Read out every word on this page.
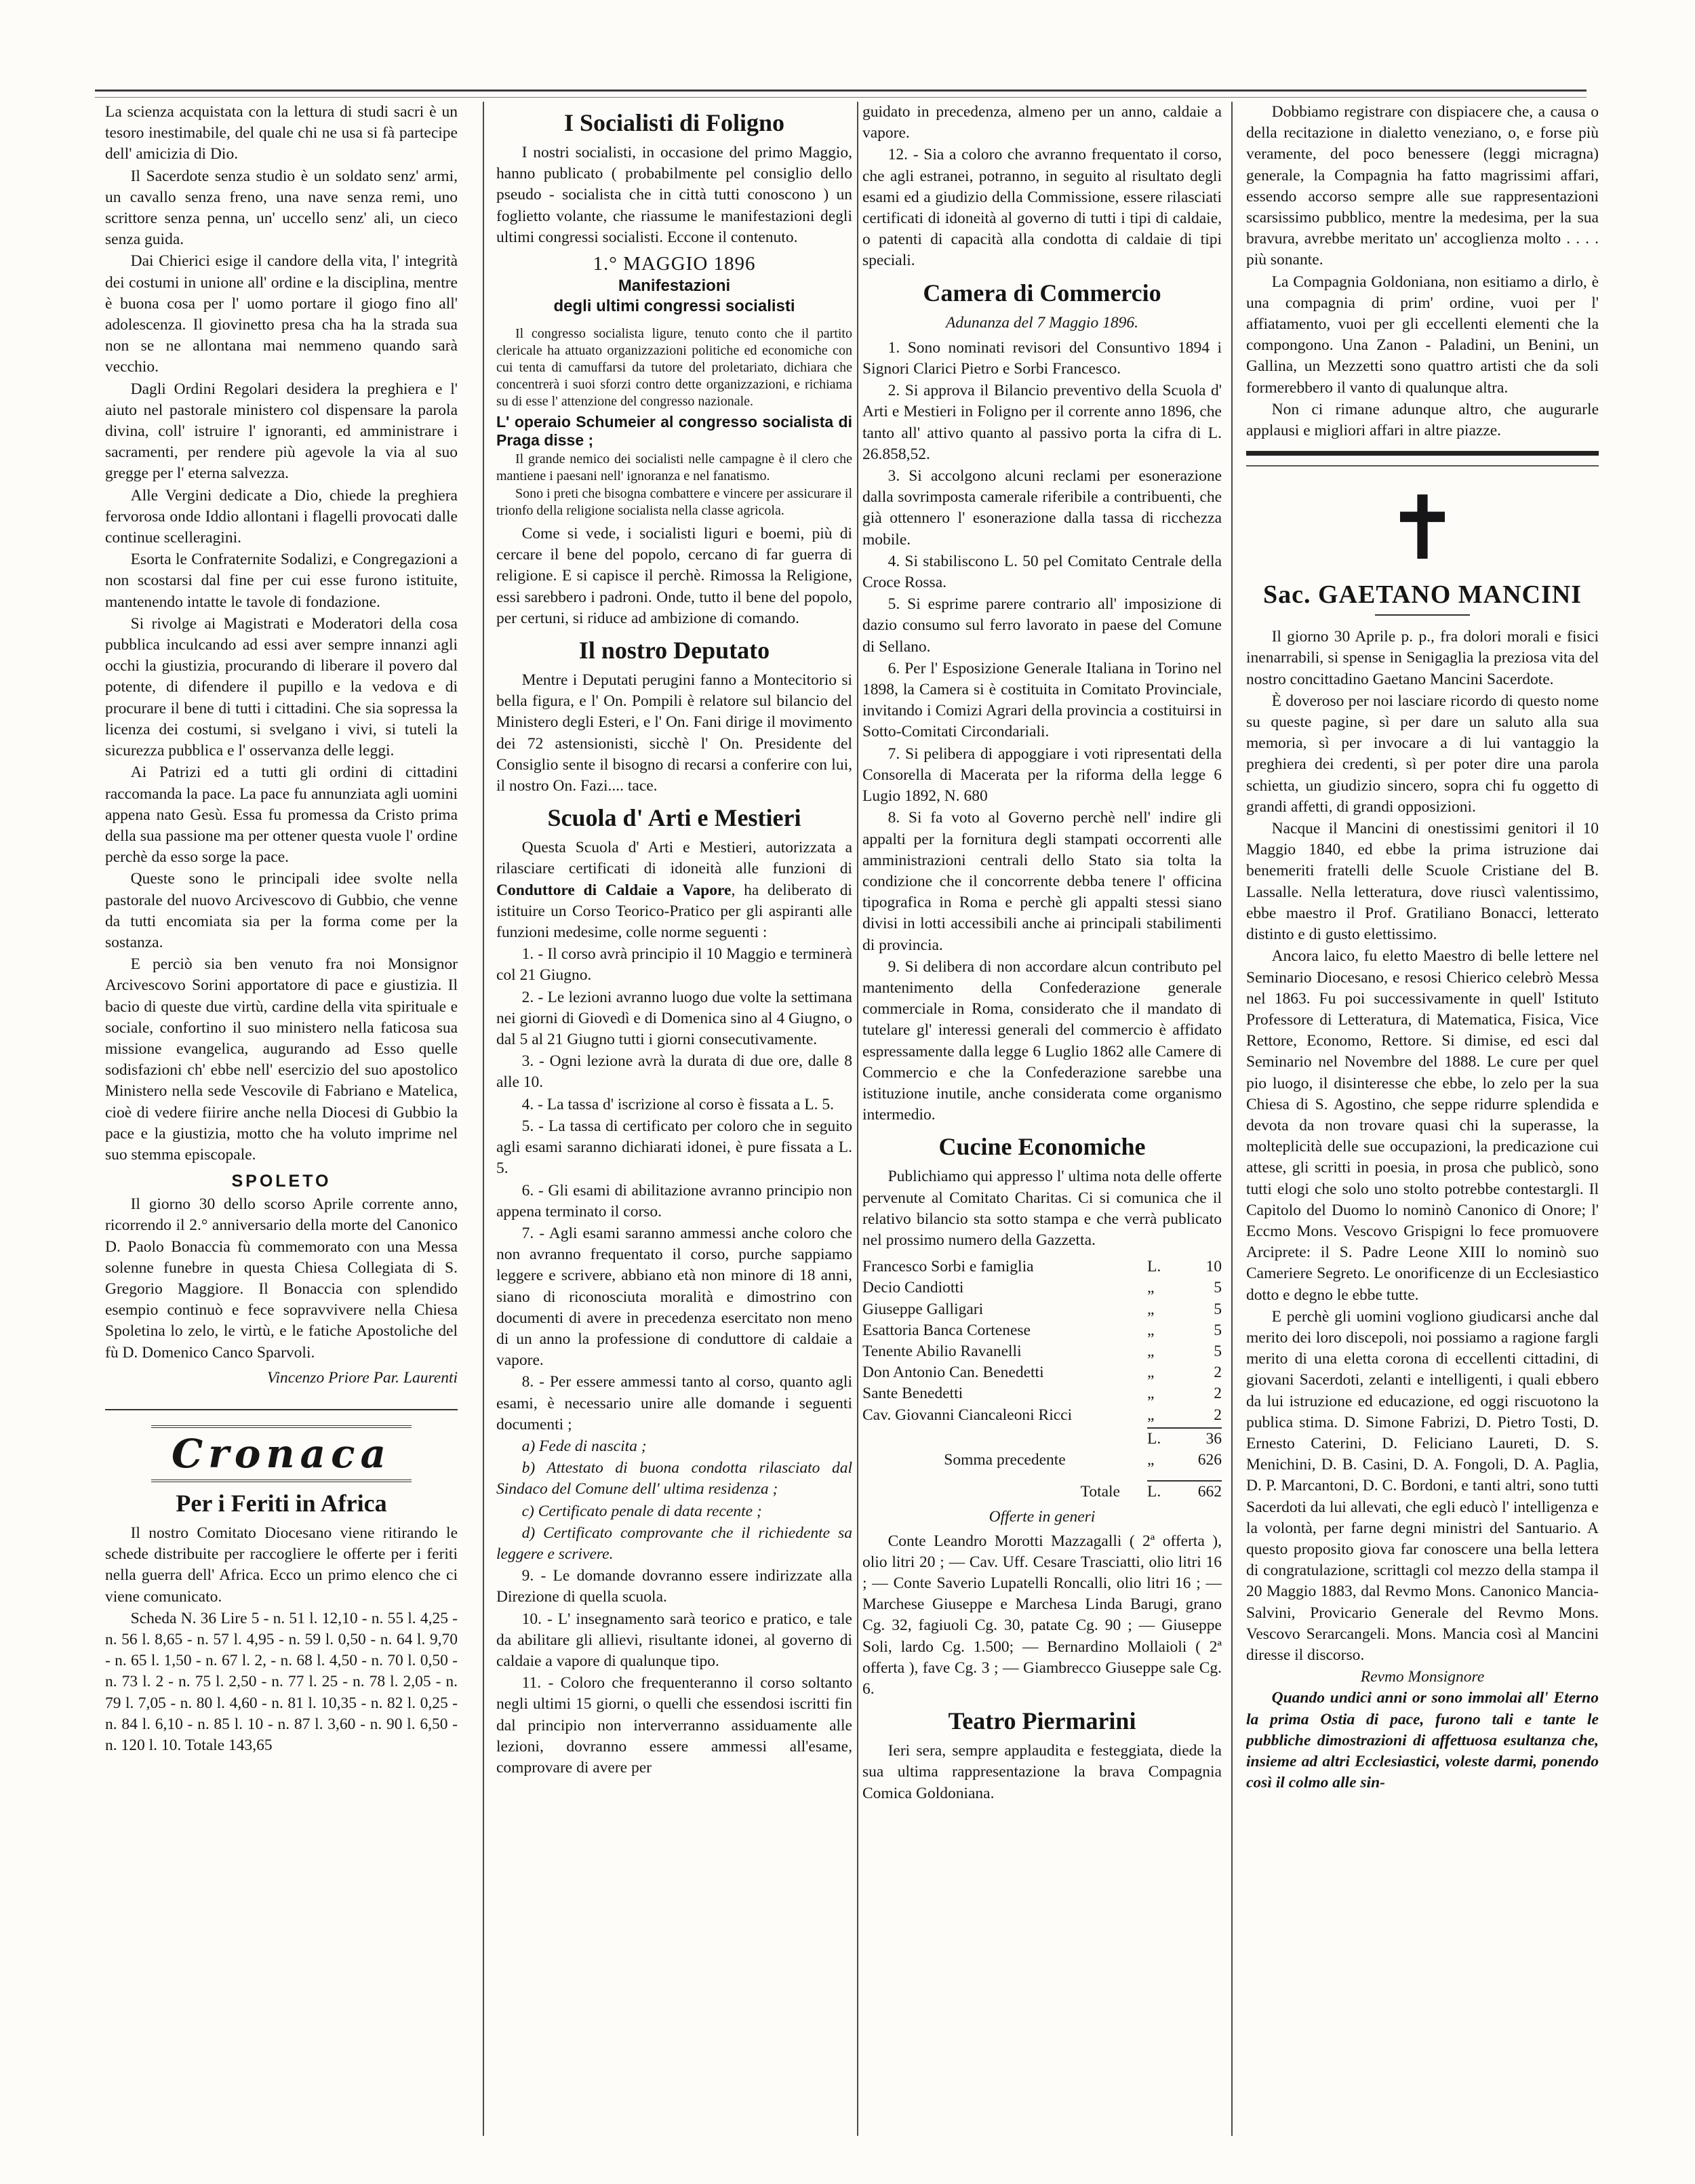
La scienza acquistata con la lettura di studi sacri è un tesoro inestimabile, del quale chi ne usa si fà partecipe dell' amicizia di Dio.

Il Sacerdote senza studio è un soldato senz' armi, un cavallo senza freno, una nave senza remi, uno scrittore senza penna, un' uccello senz' ali, un cieco senza guida.

Dai Chierici esige il candore della vita, l' integrità dei costumi in unione all' ordine e la disciplina, mentre è buona cosa per l' uomo portare il giogo fino all' adolescenza. Il giovinetto presa cha ha la strada sua non se ne allontana mai nemmeno quando sarà vecchio.

Dagli Ordini Regolari desidera la preghiera e l' aiuto nel pastorale ministero col dispensare la parola divina, coll' istruire l' ignoranti, ed amministrare i sacramenti, per rendere più agevole la via al suo gregge per l' eterna salvezza.

Alle Vergini dedicate a Dio, chiede la preghiera fervorosa onde Iddio allontani i flagelli provocati dalle continue scelleragini.

Esorta le Confraternite Sodalizi, e Congregazioni a non scostarsi dal fine per cui esse furono istituite, mantenendo intatte le tavole di fondazione.

Si rivolge ai Magistrati e Moderatori della cosa pubblica inculcando ad essi aver sempre innanzi agli occhi la giustizia, procurando di liberare il povero dal potente, di difendere il pupillo e la vedova e di procurare il bene di tutti i cittadini. Che sia sopressa la licenza dei costumi, si svelgano i vivi, si tuteli la sicurezza pubblica e l' osservanza delle leggi.

Ai Patrizi ed a tutti gli ordini di cittadini raccomanda la pace. La pace fu annunziata agli uomini appena nato Gesù. Essa fu promessa da Cristo prima della sua passione ma per ottener questa vuole l' ordine perchè da esso sorge la pace.

Queste sono le principali idee svolte nella pastorale del nuovo Arcivescovo di Gubbio, che venne da tutti encomiata sia per la forma come per la sostanza.

E perciò sia ben venuto fra noi Monsignor Arcivescovo Sorini apportatore di pace e giustizia. Il bacio di queste due virtù, cardine della vita spirituale e sociale, confortino il suo ministero nella faticosa sua missione evangelica, augurando ad Esso quelle sodisfazioni ch' ebbe nell' esercizio del suo apostolico Ministero nella sede Vescovile di Fabriano e Matelica, cioè di vedere fiirire anche nella Diocesi di Gubbio la pace e la giustizia, motto che ha voluto imprime nel suo stemma episcopale.

SPOLETO

Il giorno 30 dello scorso Aprile corrente anno, ricorrendo il 2.° anniversario della morte del Canonico D. Paolo Bonaccia fù commemorato con una Messa solenne funebre in questa Chiesa Collegiata di S. Gregorio Maggiore. Il Bonaccia con splendido esempio continuò e fece sopravvivere nella Chiesa Spoletina lo zelo, le virtù, e le fatiche Apostoliche del fù D. Domenico Canco Sparvoli.

Vincenzo Priore Par. Laurenti
Cronaca
Per i Feriti in Africa

Il nostro Comitato Diocesano viene ritirando le schede distribuite per raccogliere le offerte per i feriti nella guerra dell' Africa. Ecco un primo elenco che ci viene comunicato.

Scheda N. 36 Lire 5 - n. 51 l. 12,10 - n. 55 l. 4,25 - n. 56 l. 8,65 - n. 57 l. 4,95 - n. 59 l. 0,50 - n. 64 l. 9,70 - n. 65 l. 1,50 - n. 67 l. 2, - n. 68 l. 4,50 - n. 70 l. 0,50 - n. 73 l. 2 - n. 75 l. 2,50 - n. 77 l. 25 - n. 78 l. 2,05 - n. 79 l. 7,05 - n. 80 l. 4,60 - n. 81 l. 10,35 - n. 82 l. 0,25 - n. 84 l. 6,10 - n. 85 l. 10 - n. 87 l. 3,60 - n. 90 l. 6,50 - n. 120 l. 10. Totale 143,65

I Socialisti di Foligno

I nostri socialisti, in occasione del primo Maggio, hanno publicato ( probabilmente pel consiglio dello pseudo - socialista che in città tutti conoscono ) un foglietto volante, che riassume le manifestazioni degli ultimi congressi socialisti. Eccone il contenuto.

1.° MAGGIO 1896
Manifestazioni
degli ultimi congressi socialisti

Il congresso socialista ligure, tenuto conto che il partito clericale ha attuato organizzazioni politiche ed economiche con cui tenta di camuffarsi da tutore del proletariato, dichiara che concentrerà i suoi sforzi contro dette organizzazioni, e richiama su di esse l' attenzione del congresso nazionale.

L' operaio Schumeier al congresso socialista di Praga disse ;

Il grande nemico dei socialisti nelle campagne è il clero che mantiene i paesani nell' ignoranza e nel fanatismo.

Sono i preti che bisogna combattere e vincere per assicurare il trionfo della religione socialista nella classe agricola.

Come si vede, i socialisti liguri e boemi, più di cercare il bene del popolo, cercano di far guerra di religione. E si capisce il perchè. Rimossa la Religione, essi sarebbero i padroni. Onde, tutto il bene del popolo, per certuni, si riduce ad ambizione di comando.

Il nostro Deputato

Mentre i Deputati perugini fanno a Montecitorio si bella figura, e l' On. Pompili è relatore sul bilancio del Ministero degli Esteri, e l' On. Fani dirige il movimento dei 72 astensionisti, sicchè l' On. Presidente del Consiglio sente il bisogno di recarsi a conferire con lui, il nostro On. Fazi.... tace.

Scuola d' Arti e Mestieri

Questa Scuola d' Arti e Mestieri, autorizzata a rilasciare certificati di idoneità alle funzioni di Conduttore di Caldaie a Vapore, ha deliberato di istituire un Corso Teorico-Pratico per gli aspiranti alle funzioni medesime, colle norme seguenti :

1. - Il corso avrà principio il 10 Maggio e terminerà col 21 Giugno.

2. - Le lezioni avranno luogo due volte la settimana nei giorni di Giovedì e di Domenica sino al 4 Giugno, o dal 5 al 21 Giugno tutti i giorni consecutivamente.

3. - Ogni lezione avrà la durata di due ore, dalle 8 alle 10.

4. - La tassa d' iscrizione al corso è fissata a L. 5.

5. - La tassa di certificato per coloro che in seguito agli esami saranno dichiarati idonei, è pure fissata a L. 5.

6. - Gli esami di abilitazione avranno principio non appena terminato il corso.

7. - Agli esami saranno ammessi anche coloro che non avranno frequentato il corso, purche sappiamo leggere e scrivere, abbiano età non minore di 18 anni, siano di riconosciuta moralità e dimostrino con documenti di avere in precedenza esercitato non meno di un anno la professione di conduttore di caldaie a vapore.

8. - Per essere ammessi tanto al corso, quanto agli esami, è necessario unire alle domande i seguenti documenti ;

a) Fede di nascita ;

b) Attestato di buona condotta rilasciato dal Sindaco del Comune dell' ultima residenza ;

c) Certificato penale di data recente ;

d) Certificato comprovante che il richiedente sa leggere e scrivere.

9. - Le domande dovranno essere indirizzate alla Direzione di quella scuola.

10. - L' insegnamento sarà teorico e pratico, e tale da abilitare gli allievi, risultante idonei, al governo di caldaie a vapore di qualunque tipo.

11. - Coloro che frequenteranno il corso soltanto negli ultimi 15 giorni, o quelli che essendosi iscritti fin dal principio non interverranno assiduamente alle lezioni, dovranno essere ammessi all'esame, comprovare di avere per

guidato in precedenza, almeno per un anno, caldaie a vapore.

12. - Sia a coloro che avranno frequentato il corso, che agli estranei, potranno, in seguito al risultato degli esami ed a giudizio della Commissione, essere rilasciati certificati di idoneità al governo di tutti i tipi di caldaie, o patenti di capacità alla condotta di caldaie di tipi speciali.

Camera di Commercio
Adunanza del 7 Maggio 1896.

1. Sono nominati revisori del Consuntivo 1894 i Signori Clarici Pietro e Sorbi Francesco.

2. Si approva il Bilancio preventivo della Scuola d' Arti e Mestieri in Foligno per il corrente anno 1896, che tanto all' attivo quanto al passivo porta la cifra di L. 26.858,52.

3. Si accolgono alcuni reclami per esonerazione dalla sovrimposta camerale riferibile a contribuenti, che già ottennero l' esonerazione dalla tassa di ricchezza mobile.

4. Si stabiliscono L. 50 pel Comitato Centrale della Croce Rossa.

5. Si esprime parere contrario all' imposizione di dazio consumo sul ferro lavorato in paese del Comune di Sellano.

6. Per l' Esposizione Generale Italiana in Torino nel 1898, la Camera si è costituita in Comitato Provinciale, invitando i Comizi Agrari della provincia a costituirsi in Sotto-Comitati Circondariali.

7. Si pelibera di appoggiare i voti ripresentati della Consorella di Macerata per la riforma della legge 6 Lugio 1892, N. 680

8. Si fa voto al Governo perchè nell' indire gli appalti per la fornitura degli stampati occorrenti alle amministrazioni centrali dello Stato sia tolta la condizione che il concorrente debba tenere l' officina tipografica in Roma e perchè gli appalti stessi siano divisi in lotti accessibili anche ai principali stabilimenti di provincia.

9. Si delibera di non accordare alcun contributo pel mantenimento della Confederazione generale commerciale in Roma, considerato che il mandato di tutelare gl' interessi generali del commercio è affidato espressamente dalla legge 6 Luglio 1862 alle Camere di Commercio e che la Confederazione sarebbe una istituzione inutile, anche considerata come organismo intermedio.

Cucine Economiche

Publichiamo qui appresso l' ultima nota delle offerte pervenute al Comitato Charitas. Ci si comunica che il relativo bilancio sta sotto stampa e che verrà publicato nel prossimo numero della Gazzetta.

Francesco Sorbi e famiglia	L.	10
Decio Candiotti	„	5
Giuseppe Galligari	„	5
Esattoria Banca Cortenese	„	5
Tenente Abilio Ravanelli	„	5
Don Antonio Can. Benedetti	„	2
Sante Benedetti	„	2
Cav. Giovanni Ciancaleoni Ricci	„	2
L.	36
Somma precedente	„	626
Totale	L.	662
Offerte in generi

Conte Leandro Morotti Mazzagalli ( 2ª offerta ), olio litri 20 ; — Cav. Uff. Cesare Trasciatti, olio litri 16 ; — Conte Saverio Lupatelli Roncalli, olio litri 16 ; — Marchese Giuseppe e Marchesa Linda Barugi, grano Cg. 32, fagiuoli Cg. 30, patate Cg. 90 ; — Giuseppe Soli, lardo Cg. 1.500; — Bernardino Mollaioli ( 2ª offerta ), fave Cg. 3 ; — Giambrecco Giuseppe sale Cg. 6.

Teatro Piermarini

Ieri sera, sempre applaudita e festeggiata, diede la sua ultima rappresentazione la brava Compagnia Comica Goldoniana.

Dobbiamo registrare con dispiacere che, a causa o della recitazione in dialetto veneziano, o, e forse più veramente, del poco benessere (leggi micragna) generale, la Compagnia ha fatto magrissimi affari, essendo accorso sempre alle sue rappresentazioni scarsissimo pubblico, mentre la medesima, per la sua bravura, avrebbe meritato un' accoglienza molto . . . . più sonante.

La Compagnia Goldoniana, non esitiamo a dirlo, è una compagnia di prim' ordine, vuoi per l' affiatamento, vuoi per gli eccellenti elementi che la compongono. Una Zanon - Paladini, un Benini, un Gallina, un Mezzetti sono quattro artisti che da soli formerebbero il vanto di qualunque altra.

Non ci rimane adunque altro, che augurarle applausi e migliori affari in altre piazze.

✝
Sac. GAETANO MANCINI

Il giorno 30 Aprile p. p., fra dolori morali e fisici inenarrabili, si spense in Senigaglia la preziosa vita del nostro concittadino Gaetano Mancini Sacerdote.

È doveroso per noi lasciare ricordo di questo nome su queste pagine, sì per dare un saluto alla sua memoria, sì per invocare a di lui vantaggio la preghiera dei credenti, sì per poter dire una parola schietta, un giudizio sincero, sopra chi fu oggetto di grandi affetti, di grandi opposizioni.

Nacque il Mancini di onestissimi genitori il 10 Maggio 1840, ed ebbe la prima istruzione dai benemeriti fratelli delle Scuole Cristiane del B. Lassalle. Nella letteratura, dove riuscì valentissimo, ebbe maestro il Prof. Gratiliano Bonacci, letterato distinto e di gusto elettissimo.

Ancora laico, fu eletto Maestro di belle lettere nel Seminario Diocesano, e resosi Chierico celebrò Messa nel 1863. Fu poi successivamente in quell' Istituto Professore di Letteratura, di Matematica, Fisica, Vice Rettore, Economo, Rettore. Si dimise, ed esci dal Seminario nel Novembre del 1888. Le cure per quel pio luogo, il disinteresse che ebbe, lo zelo per la sua Chiesa di S. Agostino, che seppe ridurre splendida e devota da non trovare quasi chi la superasse, la molteplicità delle sue occupazioni, la predicazione cui attese, gli scritti in poesia, in prosa che publicò, sono tutti elogi che solo uno stolto potrebbe contestargli. Il Capitolo del Duomo lo nominò Canonico di Onore; l' Eccmo Mons. Vescovo Grispigni lo fece promuovere Arciprete: il S. Padre Leone XIII lo nominò suo Cameriere Segreto. Le onorificenze di un Ecclesiastico dotto e degno le ebbe tutte.

E perchè gli uomini vogliono giudicarsi anche dal merito dei loro discepoli, noi possiamo a ragione fargli merito di una eletta corona di eccellenti cittadini, di giovani Sacerdoti, zelanti e intelligenti, i quali ebbero da lui istruzione ed educazione, ed oggi riscuotono la publica stima. D. Simone Fabrizi, D. Pietro Tosti, D. Ernesto Caterini, D. Feliciano Laureti, D. S. Menichini, D. B. Casini, D. A. Fongoli, D. A. Paglia, D. P. Marcantoni, D. C. Bordoni, e tanti altri, sono tutti Sacerdoti da lui allevati, che egli educò l' intelligenza e la volontà, per farne degni ministri del Santuario. A questo proposito giova far conoscere una bella lettera di congratulazione, scrittagli col mezzo della stampa il 20 Maggio 1883, dal Revmo Mons. Canonico Mancia-Salvini, Provicario Generale del Revmo Mons. Vescovo Serarcangeli. Mons. Mancia così al Mancini diresse il discorso.

Revmo Monsignore

Quando undici anni or sono immolai all' Eterno la prima Ostia di pace, furono tali e tante le pubbliche dimostrazioni di affettuosa esultanza che, insieme ad altri Ecclesiastici, voleste darmi, ponendo così il colmo alle sin-
